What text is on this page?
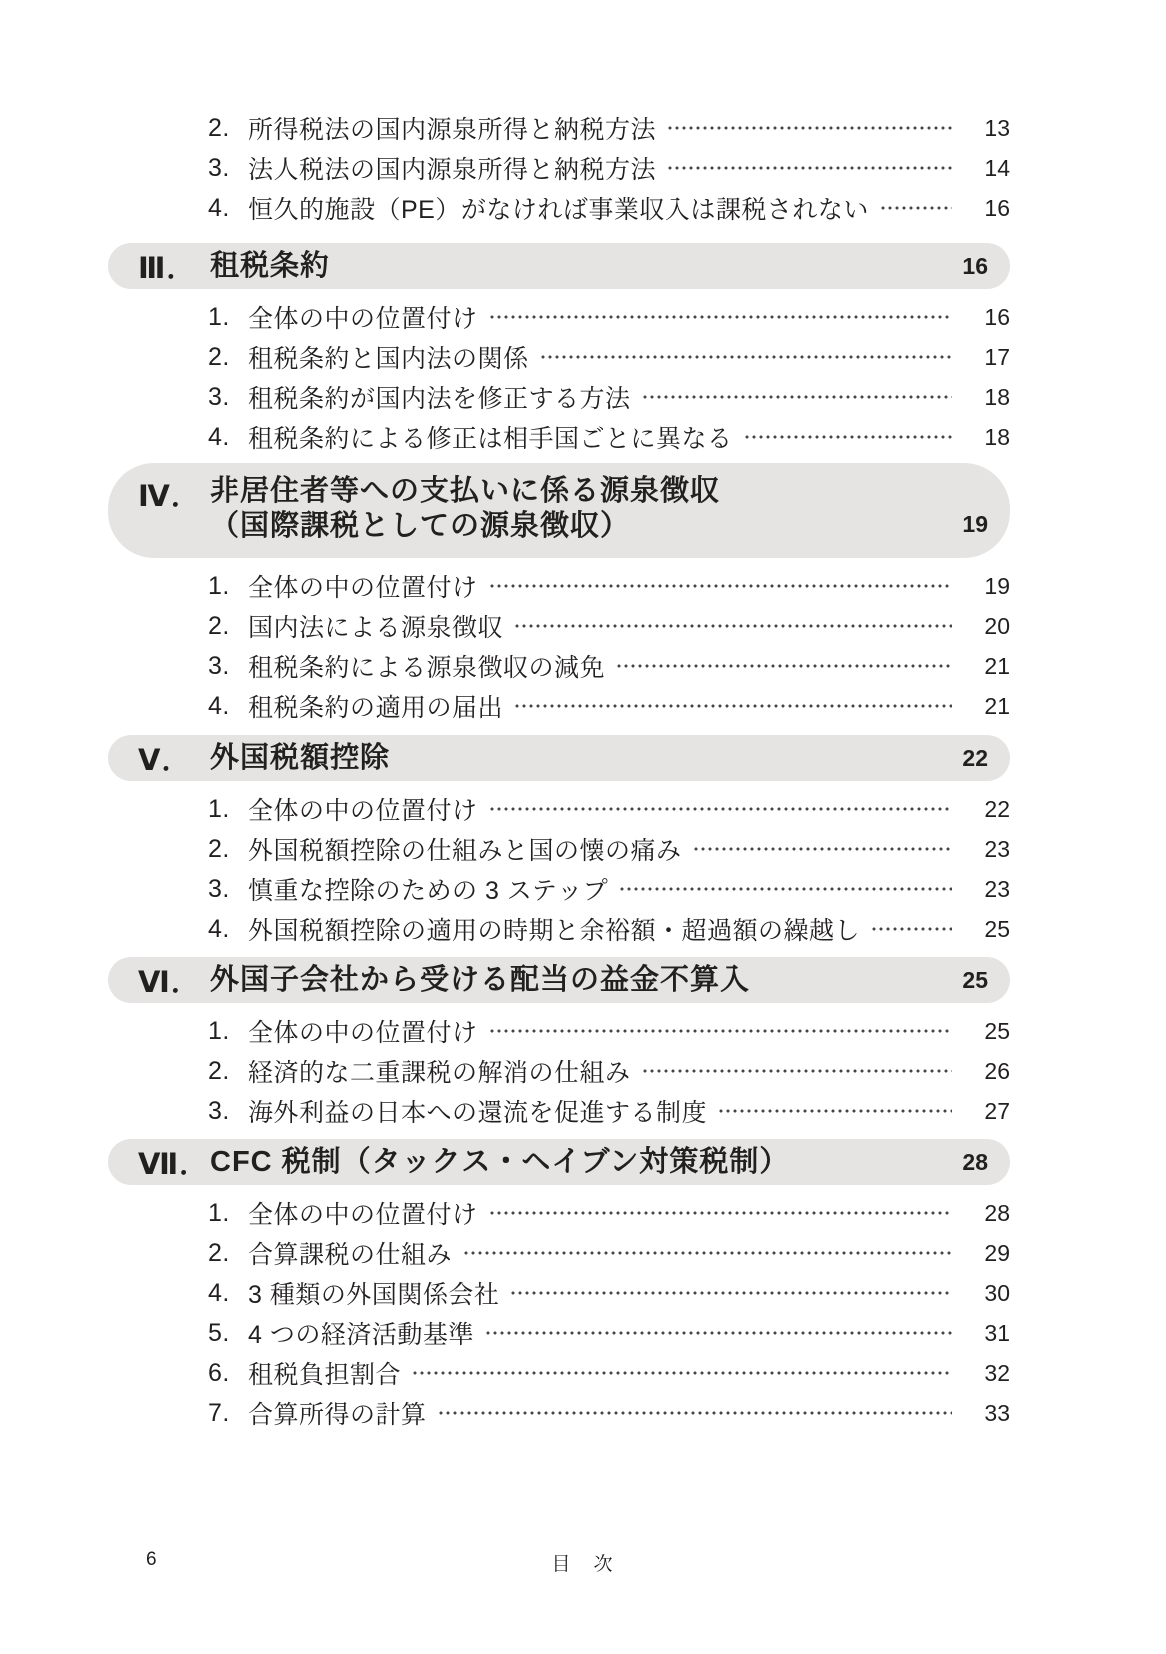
2. 所得税法の国内源泉所得と納税方法	13
3. 法人税法の国内源泉所得と納税方法	14
4. 恒久的施設（PE）がなければ事業収入は課税されない	16
Ⅲ． 租税条約	16
1. 全体の中の位置付け	16
2. 租税条約と国内法の関係	17
3. 租税条約が国内法を修正する方法	18
4. 租税条約による修正は相手国ごとに異なる	18
Ⅳ． 非居住者等への支払いに係る源泉徴収
（国際課税としての源泉徴収）	19
1. 全体の中の位置付け	19
2. 国内法による源泉徴収	20
3. 租税条約による源泉徴収の減免	21
4. 租税条約の適用の届出	21
Ⅴ． 外国税額控除	22
1. 全体の中の位置付け	22
2. 外国税額控除の仕組みと国の懐の痛み	23
3. 慎重な控除のための 3 ステップ	23
4. 外国税額控除の適用の時期と余裕額・超過額の繰越し	25
Ⅵ． 外国子会社から受ける配当の益金不算入	25
1. 全体の中の位置付け	25
2. 経済的な二重課税の解消の仕組み	26
3. 海外利益の日本への還流を促進する制度	27
Ⅶ． CFC 税制（タックス・ヘイブン対策税制）	28
1. 全体の中の位置付け	28
2. 合算課税の仕組み	29
4. 3 種類の外国関係会社	30
5. 4 つの経済活動基準	31
6. 租税負担割合	32
7. 合算所得の計算	33
6	目　次
